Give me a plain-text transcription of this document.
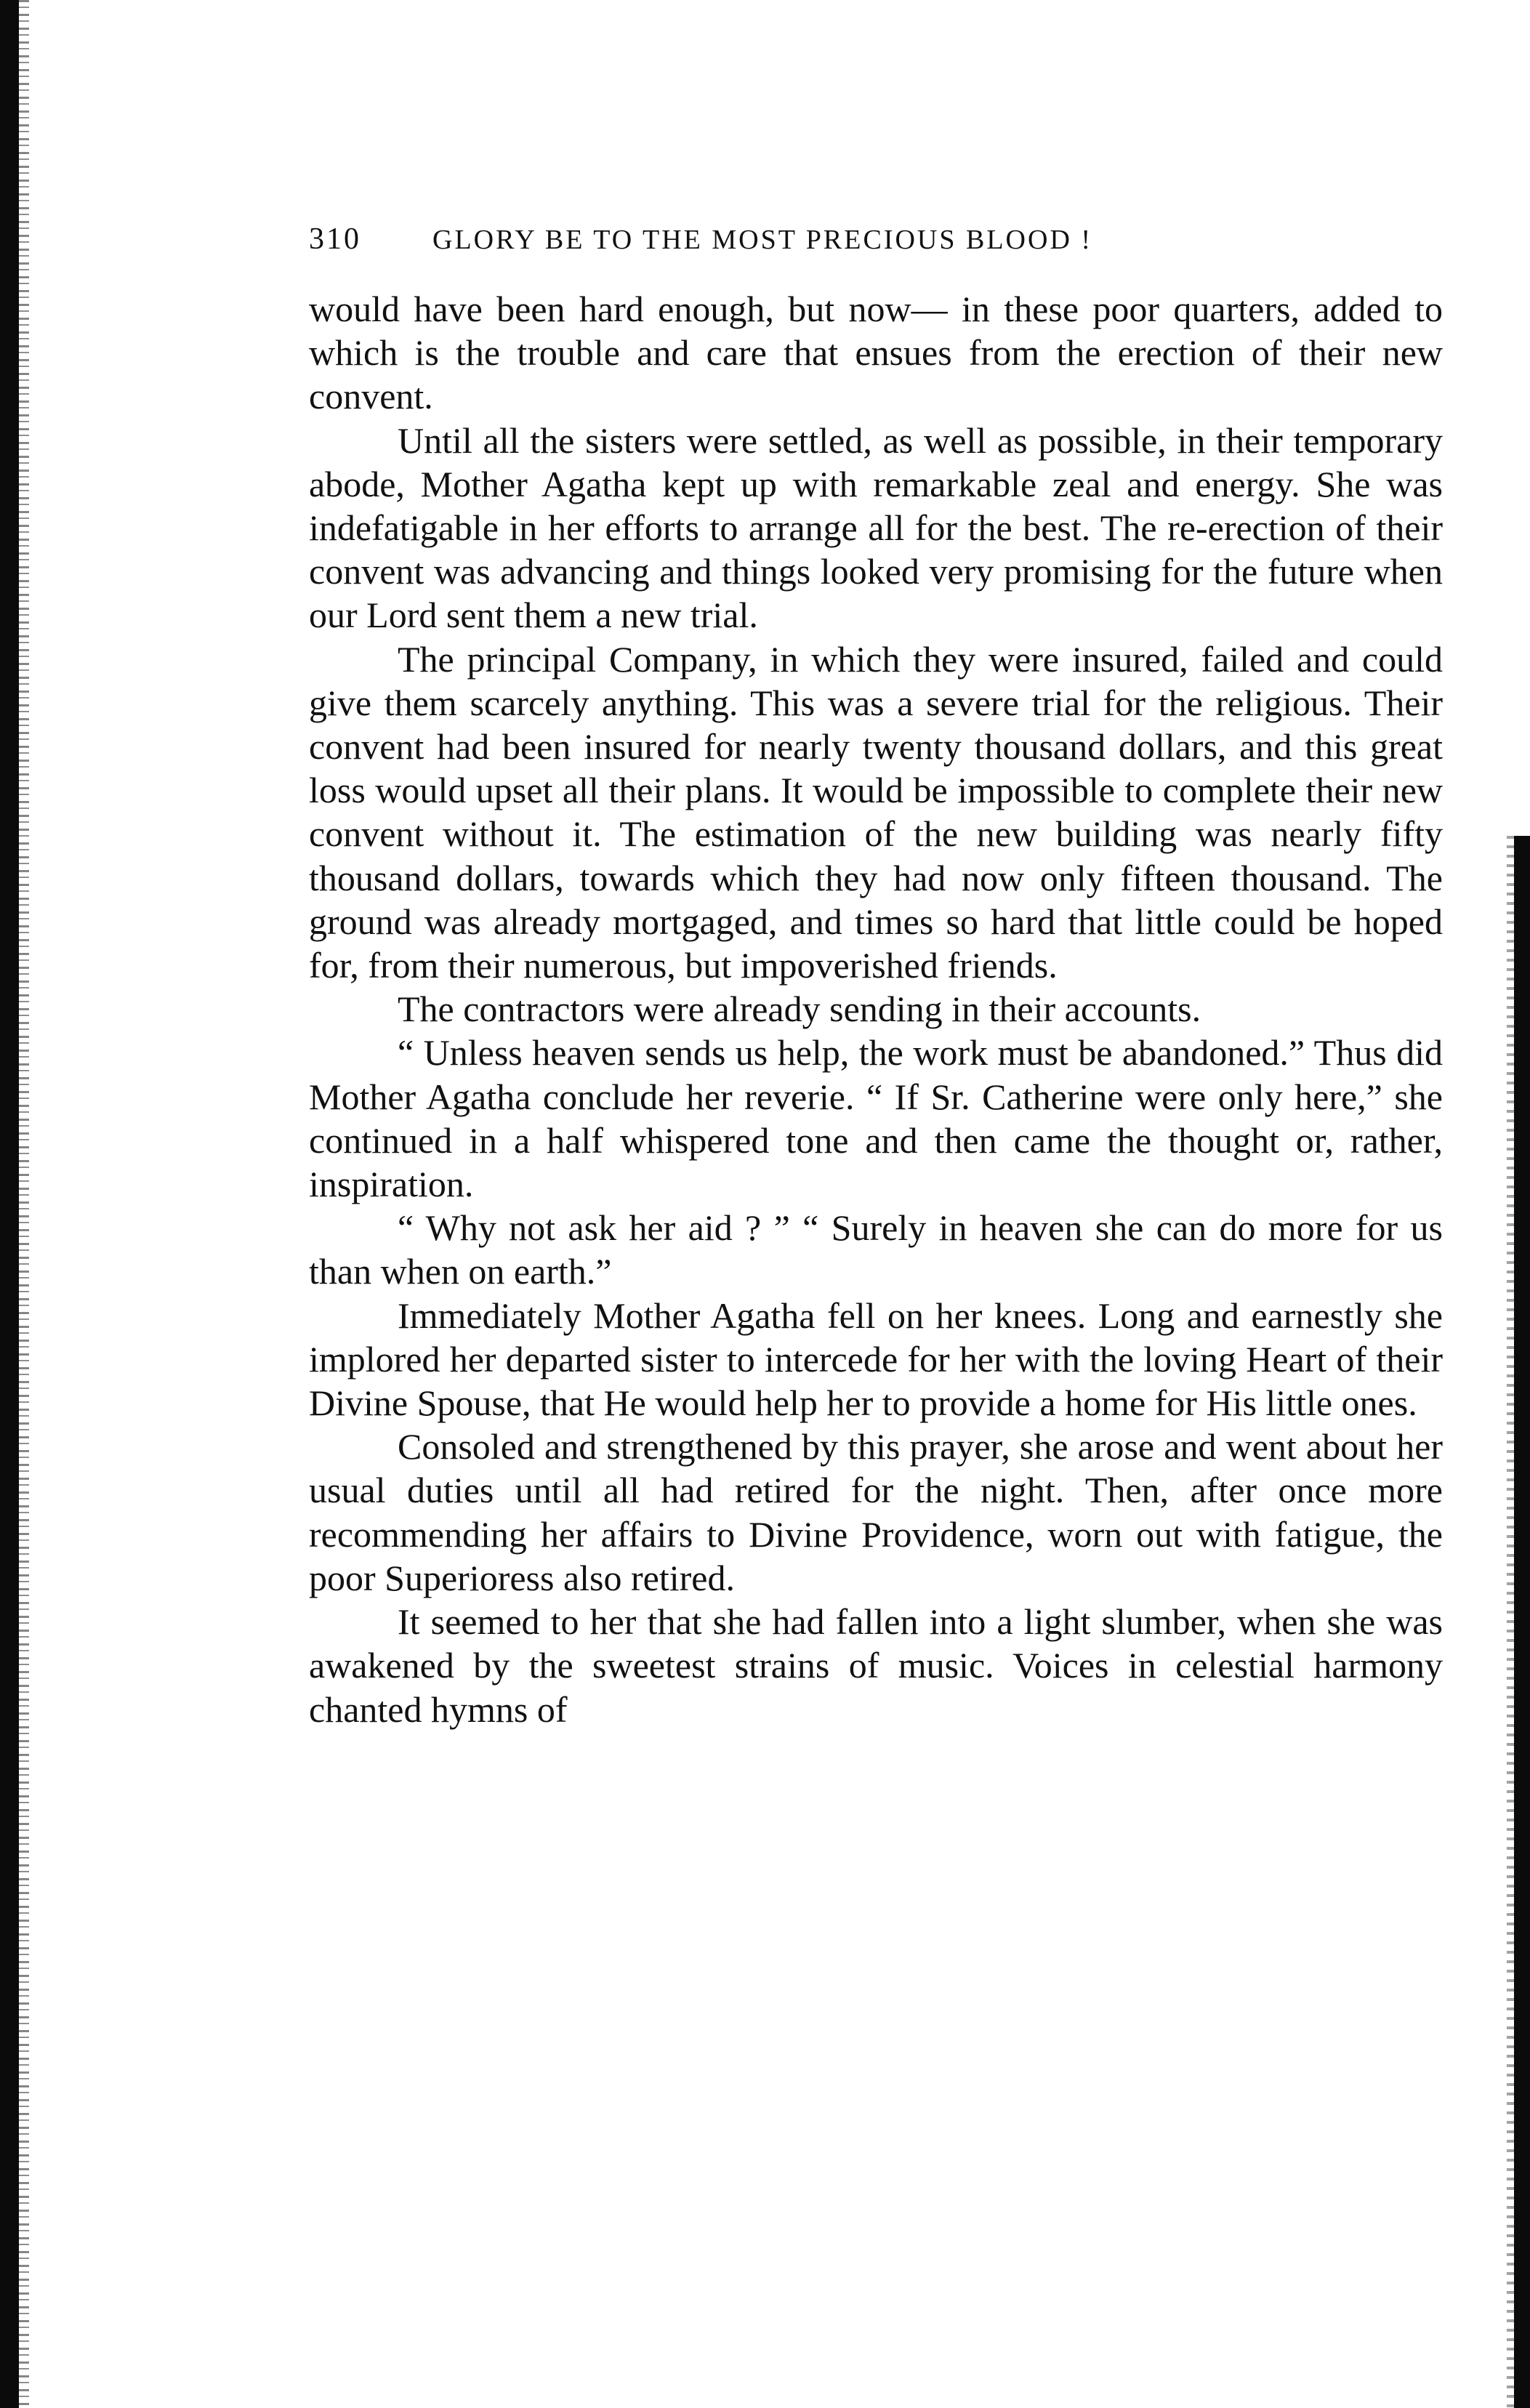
310	GLORY BE TO THE MOST PRECIOUS BLOOD !

would have been hard enough, but now— in these poor quarters, added to which is the trouble and care that ensues from the erection of their new convent.

Until all the sisters were settled, as well as possible, in their temporary abode, Mother Agatha kept up with remarkable zeal and energy. She was indefatigable in her efforts to arrange all for the best. The re-erection of their convent was advancing and things looked very promising for the future when our Lord sent them a new trial.

The principal Company, in which they were insured, failed and could give them scarcely anything. This was a severe trial for the religious. Their convent had been insured for nearly twenty thousand dollars, and this great loss would upset all their plans. It would be impossible to complete their new convent without it. The estimation of the new building was nearly fifty thousand dollars, towards which they had now only fifteen thousand. The ground was already mortgaged, and times so hard that little could be hoped for, from their numerous, but impoverished friends.

The contractors were already sending in their accounts.

“ Unless heaven sends us help, the work must be abandoned.” Thus did Mother Agatha conclude her reverie. “ If Sr. Catherine were only here,” she continued in a half whispered tone and then came the thought or, rather, inspiration.

“ Why not ask her aid ? ” “ Surely in heaven she can do more for us than when on earth.”

Immediately Mother Agatha fell on her knees. Long and earnestly she implored her departed sister to intercede for her with the loving Heart of their Divine Spouse, that He would help her to provide a home for His little ones.

Consoled and strengthened by this prayer, she arose and went about her usual duties until all had retired for the night. Then, after once more recommending her affairs to Divine Providence, worn out with fatigue, the poor Superioress also retired.

It seemed to her that she had fallen into a light slumber, when she was awakened by the sweetest strains of music. Voices in celestial harmony chanted hymns of
